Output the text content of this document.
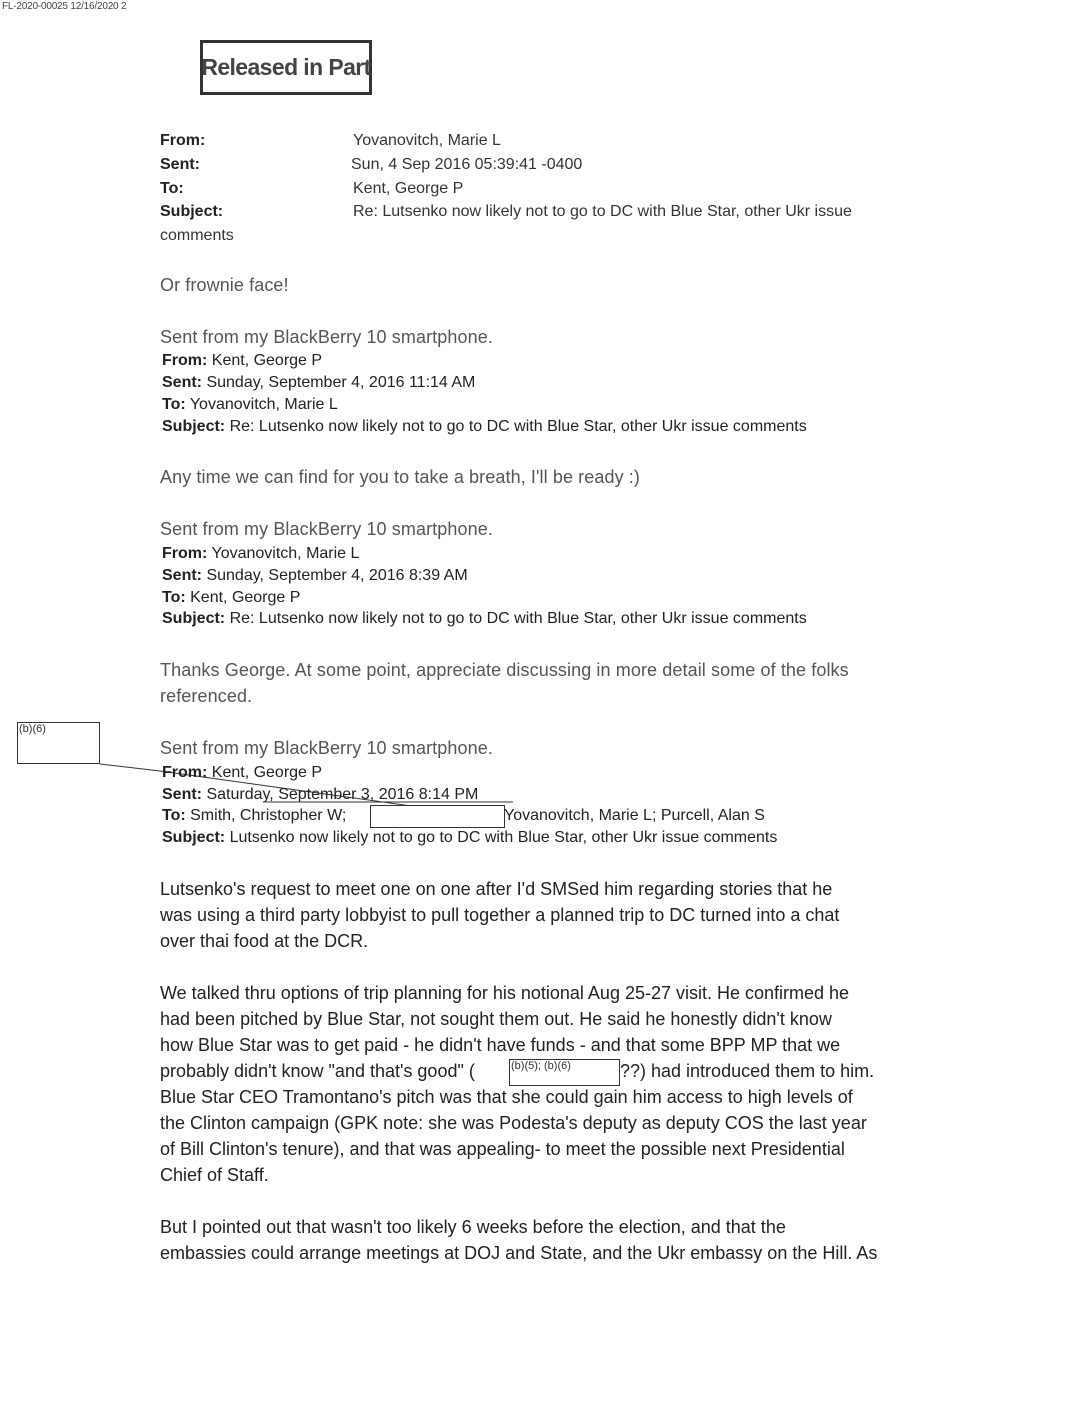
FL-2020-00025 12/16/2020 2
Released in Part
From:	Yovanovitch, Marie L
Sent:	Sun, 4 Sep 2016 05:39:41 -0400
To:	Kent, George P
Subject:	Re: Lutsenko now likely not to go to DC with Blue Star, other Ukr issue
comments
Or frownie face!
Sent from my BlackBerry 10 smartphone.
From: Kent, George P
Sent: Sunday, September 4, 2016 11:14 AM
To: Yovanovitch, Marie L
Subject: Re: Lutsenko now likely not to go to DC with Blue Star, other Ukr issue comments
Any time we can find for you to take a breath, I'll be ready :)
Sent from my BlackBerry 10 smartphone.
From: Yovanovitch, Marie L
Sent: Sunday, September 4, 2016 8:39 AM
To: Kent, George P
Subject: Re: Lutsenko now likely not to go to DC with Blue Star, other Ukr issue comments
Thanks George. At some point, appreciate discussing in more detail some of the folks
referenced.
(b)(6)
Sent from my BlackBerry 10 smartphone.
From: Kent, George P
Sent: Saturday, September 3, 2016 8:14 PM
To: Smith, Christopher W;	Yovanovitch, Marie L; Purcell, Alan S
Subject: Lutsenko now likely not to go to DC with Blue Star, other Ukr issue comments
Lutsenko's request to meet one on one after I'd SMSed him regarding stories that he
was using a third party lobbyist to pull together a planned trip to DC turned into a chat
over thai food at the DCR.
We talked thru options of trip planning for his notional Aug 25-27 visit. He confirmed he
had been pitched by Blue Star, not sought them out. He said he honestly didn't know
how Blue Star was to get paid - he didn't have funds - and that some BPP MP that we
probably didn't know "and that's good" (	(b)(5); (b)(6)	??) had introduced them to him.
Blue Star CEO Tramontano's pitch was that she could gain him access to high levels of
the Clinton campaign (GPK note: she was Podesta's deputy as deputy COS the last year
of Bill Clinton's tenure), and that was appealing- to meet the possible next Presidential
Chief of Staff.
But I pointed out that wasn't too likely 6 weeks before the election, and that the
embassies could arrange meetings at DOJ and State, and the Ukr embassy on the Hill. As
